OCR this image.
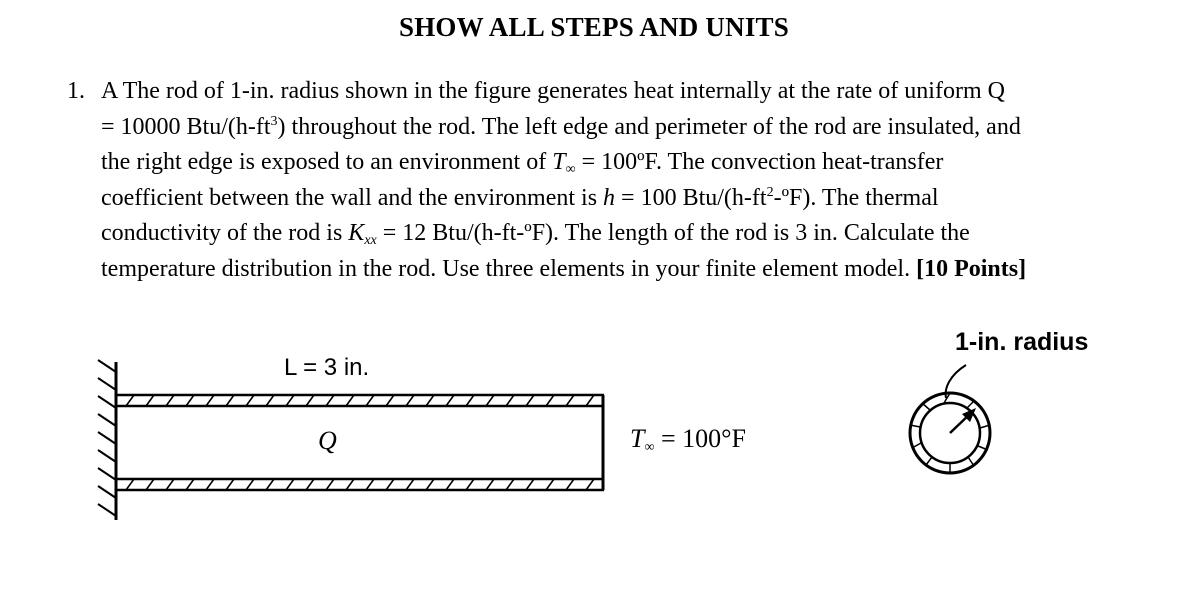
SHOW ALL STEPS AND UNITS
1. A The rod of 1-in. radius shown in the figure generates heat internally at the rate of uniform Q
= 10000 Btu/$(h-ft^3)$ throughout the rod. The left edge and perimeter of the rod are insulated, and
the right edge is exposed to an environment of $T_\infty$ = 100ºF. The convection heat-transfer
coefficient between the wall and the environment is h = 100 Btu/$(h-ft^2-ºF)$. The thermal
conductivity of the rod is $K_{xx} = 12$ Btu/(h-ft-ºF). The length of the rod is 3 in. Calculate the
temperature distribution in the rod. Use three elements in your finite element model. [10 Points]
L = 3 in.
Q	$T_\infty = 100^\circ F$
1-in. radius
